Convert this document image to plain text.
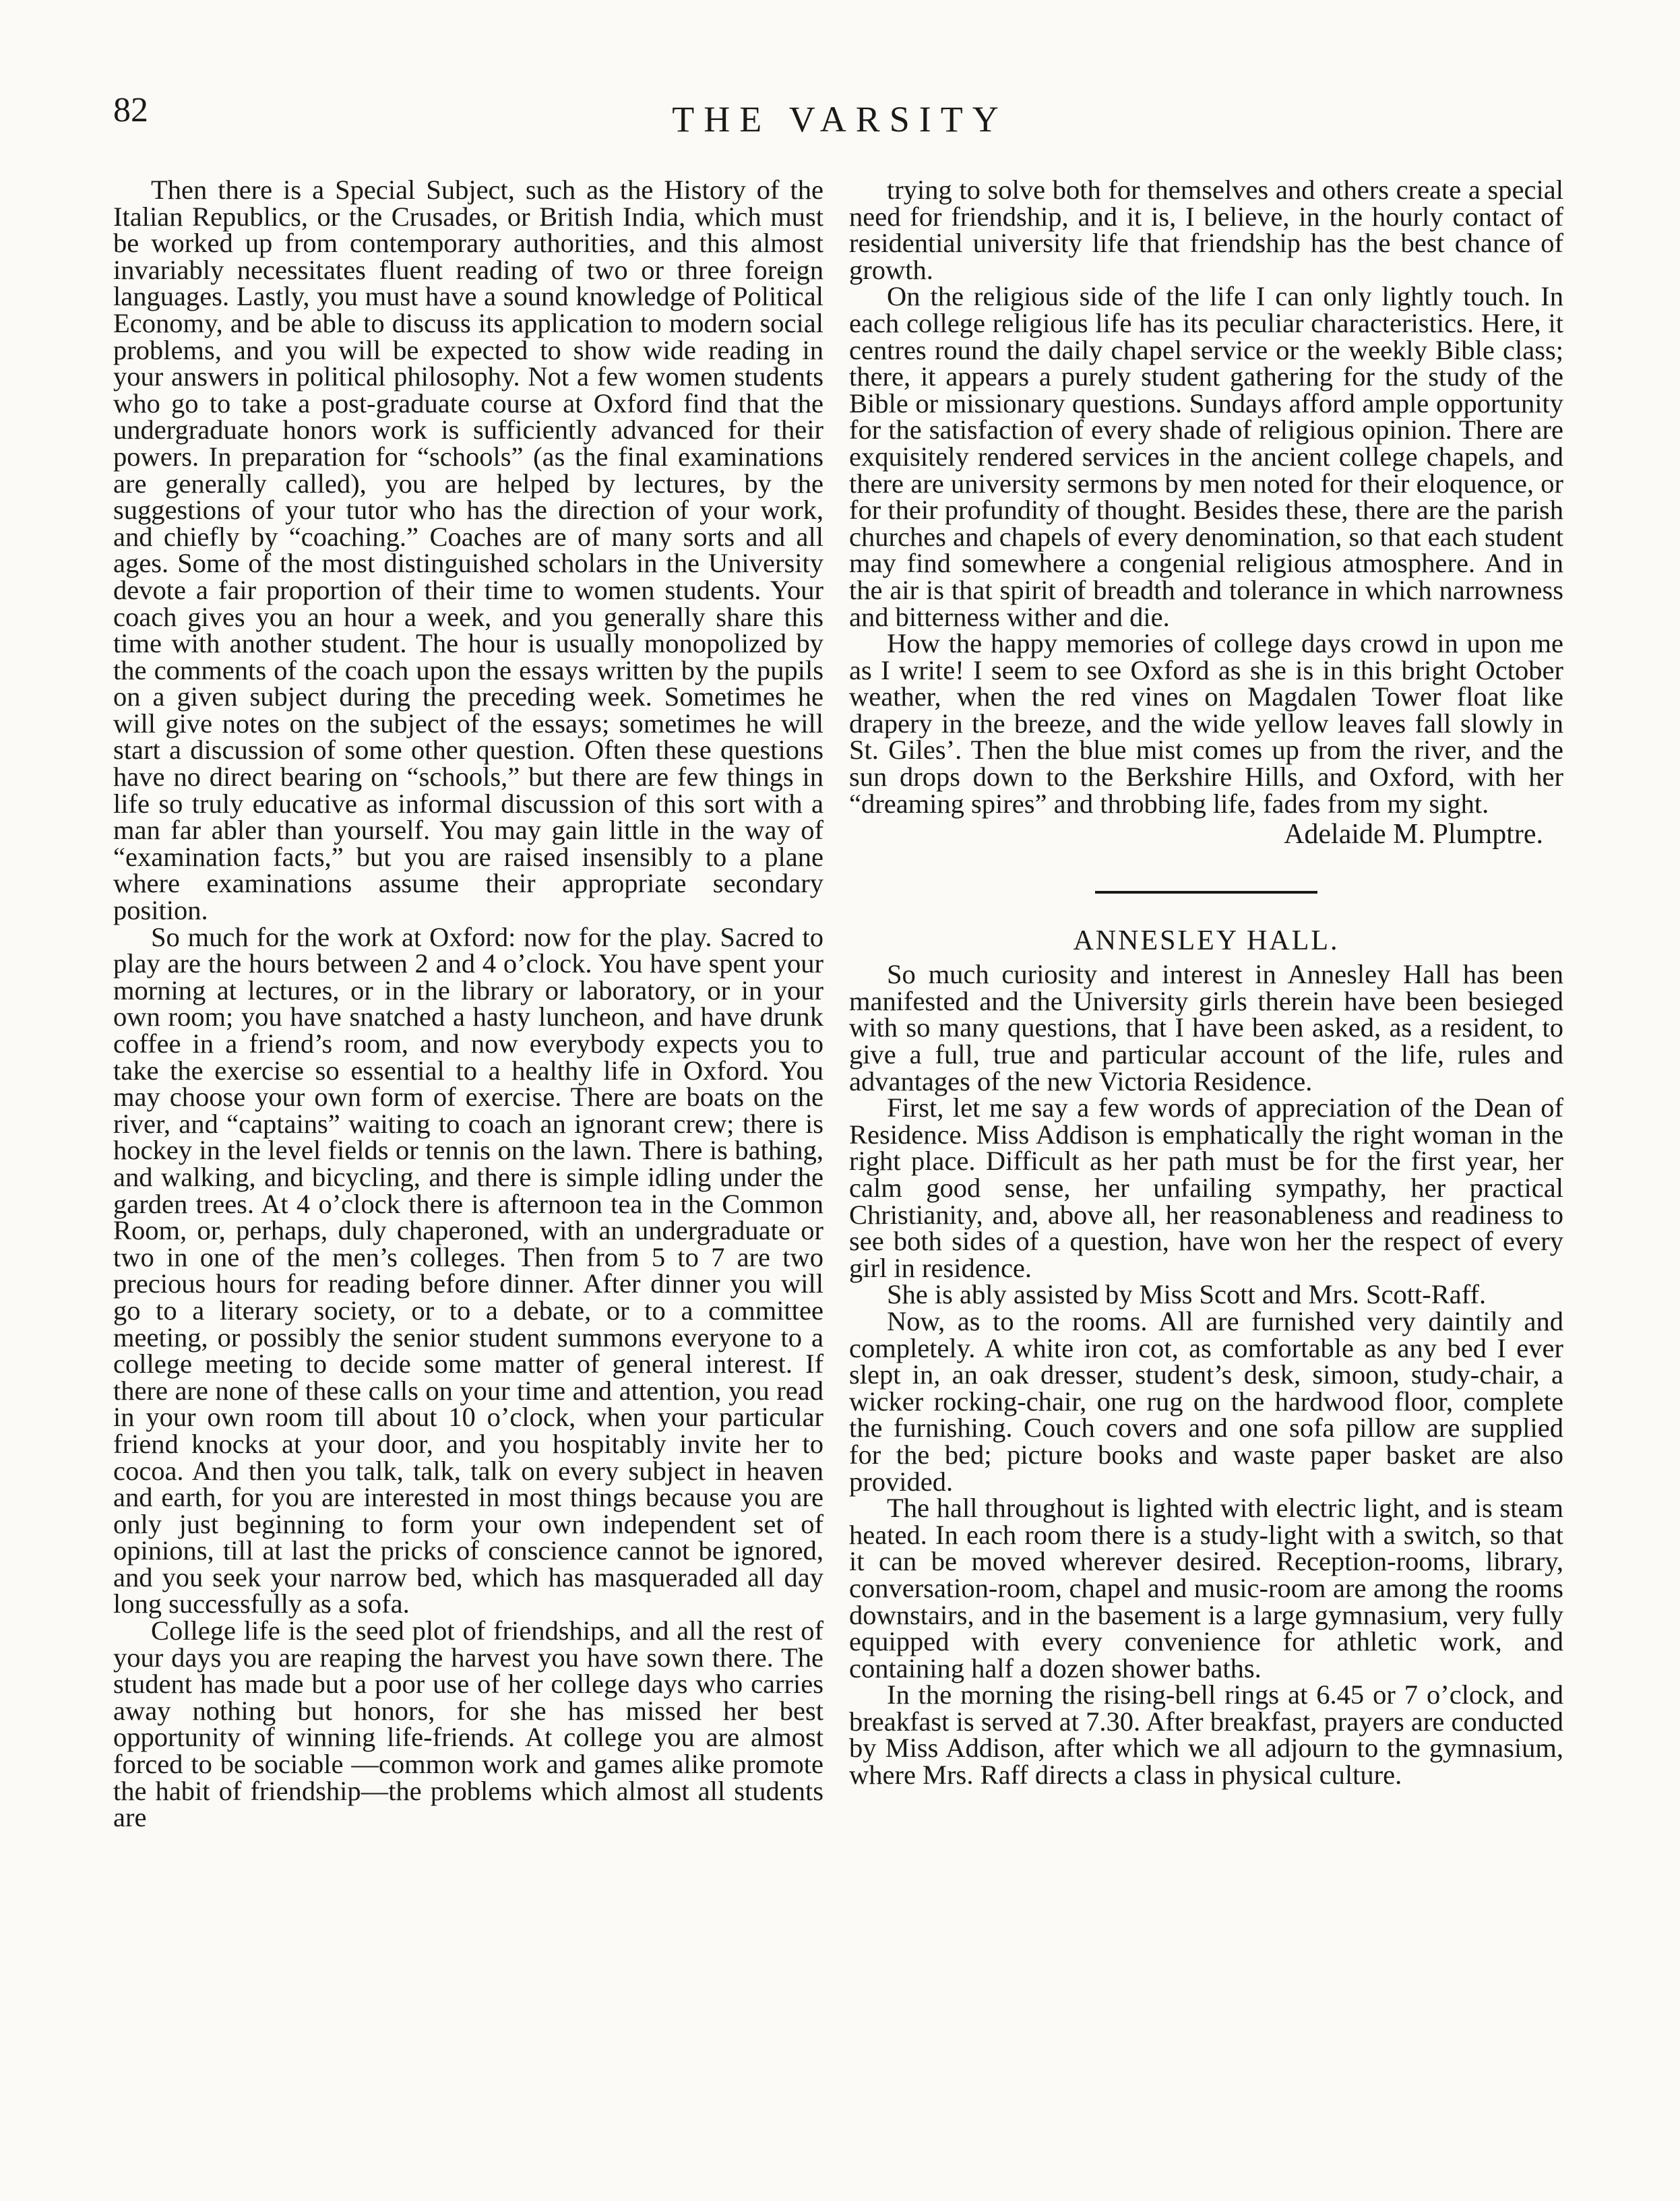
82	THE VARSITY

Then there is a Special Subject, such as the History of the Italian Republics, or the Crusades, or British India, which must be worked up from contemporary authorities, and this almost invariably necessitates fluent reading of two or three foreign languages. Lastly, you must have a sound knowledge of Political Economy, and be able to discuss its application to modern social problems, and you will be expected to show wide reading in your answers in political philosophy. Not a few women students who go to take a post-graduate course at Oxford find that the undergraduate honors work is sufficiently advanced for their powers. In preparation for “schools” (as the final examinations are generally called), you are helped by lectures, by the suggestions of your tutor who has the direction of your work, and chiefly by “coaching.” Coaches are of many sorts and all ages. Some of the most distinguished scholars in the University devote a fair proportion of their time to women students. Your coach gives you an hour a week, and you generally share this time with another student. The hour is usually monopolized by the comments of the coach upon the essays written by the pupils on a given subject during the preceding week. Sometimes he will give notes on the subject of the essays; sometimes he will start a discussion of some other question. Often these questions have no direct bearing on “schools,” but there are few things in life so truly educative as informal discussion of this sort with a man far abler than yourself. You may gain little in the way of “examination facts,” but you are raised insensibly to a plane where examinations assume their appropriate secondary position.

So much for the work at Oxford: now for the play. Sacred to play are the hours between 2 and 4 o’clock. You have spent your morning at lectures, or in the library or laboratory, or in your own room; you have snatched a hasty luncheon, and have drunk coffee in a friend’s room, and now everybody expects you to take the exercise so essential to a healthy life in Oxford. You may choose your own form of exercise. There are boats on the river, and “captains” waiting to coach an ignorant crew; there is hockey in the level fields or tennis on the lawn. There is bathing, and walking, and bicycling, and there is simple idling under the garden trees. At 4 o’clock there is afternoon tea in the Common Room, or, perhaps, duly chaperoned, with an undergraduate or two in one of the men’s colleges. Then from 5 to 7 are two precious hours for reading before dinner. After dinner you will go to a literary society, or to a debate, or to a committee meeting, or possibly the senior student summons everyone to a college meeting to decide some matter of general interest. If there are none of these calls on your time and attention, you read in your own room till about 10 o’clock, when your particular friend knocks at your door, and you hospitably invite her to cocoa. And then you talk, talk, talk on every subject in heaven and earth, for you are interested in most things because you are only just beginning to form your own independent set of opinions, till at last the pricks of conscience cannot be ignored, and you seek your narrow bed, which has masqueraded all day long successfully as a sofa.

College life is the seed plot of friendships, and all the rest of your days you are reaping the harvest you have sown there. The student has made but a poor use of her college days who carries away nothing but honors, for she has missed her best opportunity of winning life-friends. At college you are almost forced to be sociable —common work and games alike promote the habit of friendship—the problems which almost all students are

trying to solve both for themselves and others create a special need for friendship, and it is, I believe, in the hourly contact of residential university life that friendship has the best chance of growth.

On the religious side of the life I can only lightly touch. In each college religious life has its peculiar characteristics. Here, it centres round the daily chapel service or the weekly Bible class; there, it appears a purely student gathering for the study of the Bible or missionary questions. Sundays afford ample opportunity for the satisfaction of every shade of religious opinion. There are exquisitely rendered services in the ancient college chapels, and there are university sermons by men noted for their eloquence, or for their profundity of thought. Besides these, there are the parish churches and chapels of every denomination, so that each student may find somewhere a congenial religious atmosphere. And in the air is that spirit of breadth and tolerance in which narrowness and bitterness wither and die.

How the happy memories of college days crowd in upon me as I write! I seem to see Oxford as she is in this bright October weather, when the red vines on Magdalen Tower float like drapery in the breeze, and the wide yellow leaves fall slowly in St. Giles’. Then the blue mist comes up from the river, and the sun drops down to the Berkshire Hills, and Oxford, with her “dreaming spires” and throbbing life, fades from my sight.

Adelaide M. Plumptre.
ANNESLEY HALL.

So much curiosity and interest in Annesley Hall has been manifested and the University girls therein have been besieged with so many questions, that I have been asked, as a resident, to give a full, true and particular account of the life, rules and advantages of the new Victoria Residence.

First, let me say a few words of appreciation of the Dean of Residence. Miss Addison is emphatically the right woman in the right place. Difficult as her path must be for the first year, her calm good sense, her unfailing sympathy, her practical Christianity, and, above all, her reasonableness and readiness to see both sides of a question, have won her the respect of every girl in residence.

She is ably assisted by Miss Scott and Mrs. Scott-Raff.

Now, as to the rooms. All are furnished very daintily and completely. A white iron cot, as comfortable as any bed I ever slept in, an oak dresser, student’s desk, simoon, study-chair, a wicker rocking-chair, one rug on the hardwood floor, complete the furnishing. Couch covers and one sofa pillow are supplied for the bed; picture books and waste paper basket are also provided.

The hall throughout is lighted with electric light, and is steam heated. In each room there is a study-light with a switch, so that it can be moved wherever desired. Reception-rooms, library, conversation-room, chapel and music-room are among the rooms downstairs, and in the basement is a large gymnasium, very fully equipped with every convenience for athletic work, and containing half a dozen shower baths.

In the morning the rising-bell rings at 6.45 or 7 o’clock, and breakfast is served at 7.30. After breakfast, prayers are conducted by Miss Addison, after which we all adjourn to the gymnasium, where Mrs. Raff directs a class in physical culture.
